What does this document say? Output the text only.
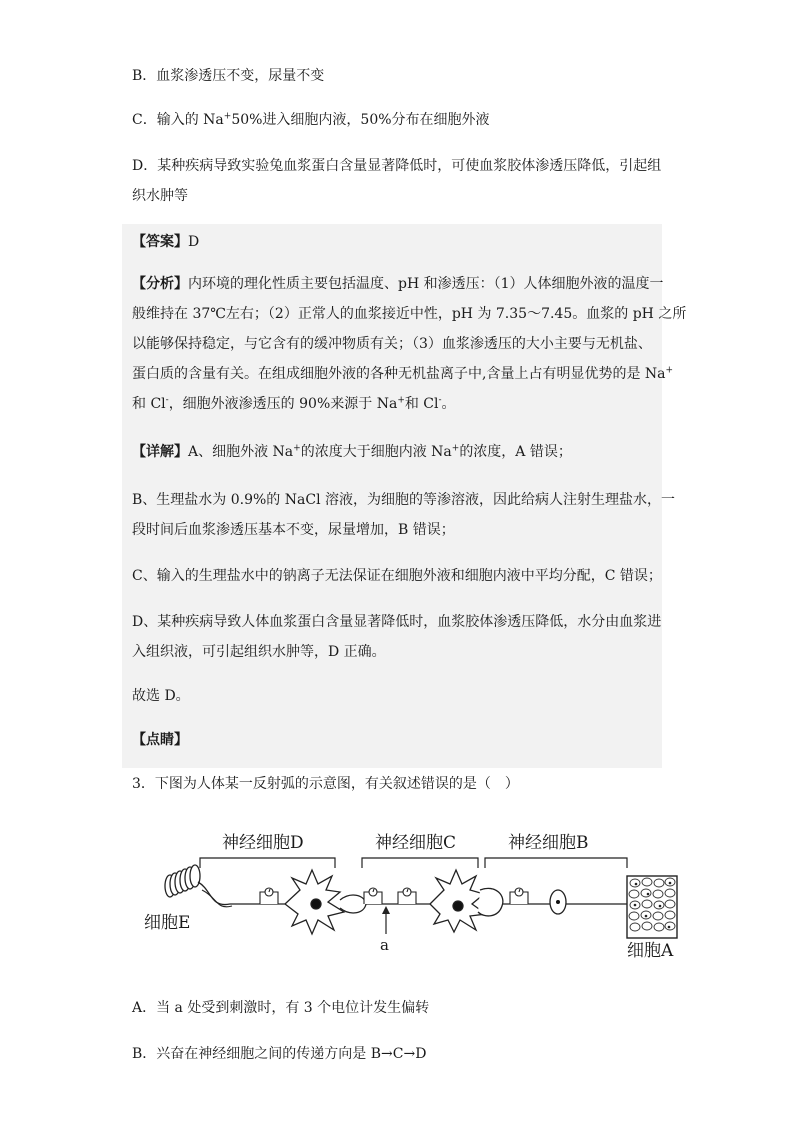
B．血浆渗透压不变，尿量不变
C．输入的 Na+50%进入细胞内液，50%分布在细胞外液
D．某种疾病导致实验兔血浆蛋白含量显著降低时，可使血浆胶体渗透压降低，引起组
织水肿等
【答案】D
【分析】内环境的理化性质主要包括温度、pH 和渗透压：（1）人体细胞外液的温度一
般维持在 37℃左右；（2）正常人的血浆接近中性，pH 为 7.35～7.45。血浆的 pH 之所
以能够保持稳定，与它含有的缓冲物质有关；（3）血浆渗透压的大小主要与无机盐、
蛋白质的含量有关。在组成细胞外液的各种无机盐离子中,含量上占有明显优势的是 Na+
和 Cl-，细胞外液渗透压的 90%来源于 Na+和 Cl-。
【详解】A、细胞外液 Na+的浓度大于细胞内液 Na+的浓度，A 错误；
B、生理盐水为 0.9%的 NaCl 溶液，为细胞的等渗溶液，因此给病人注射生理盐水，一
段时间后血浆渗透压基本不变，尿量增加，B 错误；
C、输入的生理盐水中的钠离子无法保证在细胞外液和细胞内液中平均分配，C 错误；
D、某种疾病导致人体血浆蛋白含量显著降低时，血浆胶体渗透压降低，水分由血浆进
入组织液，可引起组织水肿等，D 正确。
故选 D。
【点睛】
3．下图为人体某一反射弧的示意图，有关叙述错误的是（　）
神经细胞D	神经细胞C	神经细胞B
细胞E
细胞A
a
A．当 a 处受到刺激时，有 3 个电位计发生偏转
B．兴奋在神经细胞之间的传递方向是 B→C→D
